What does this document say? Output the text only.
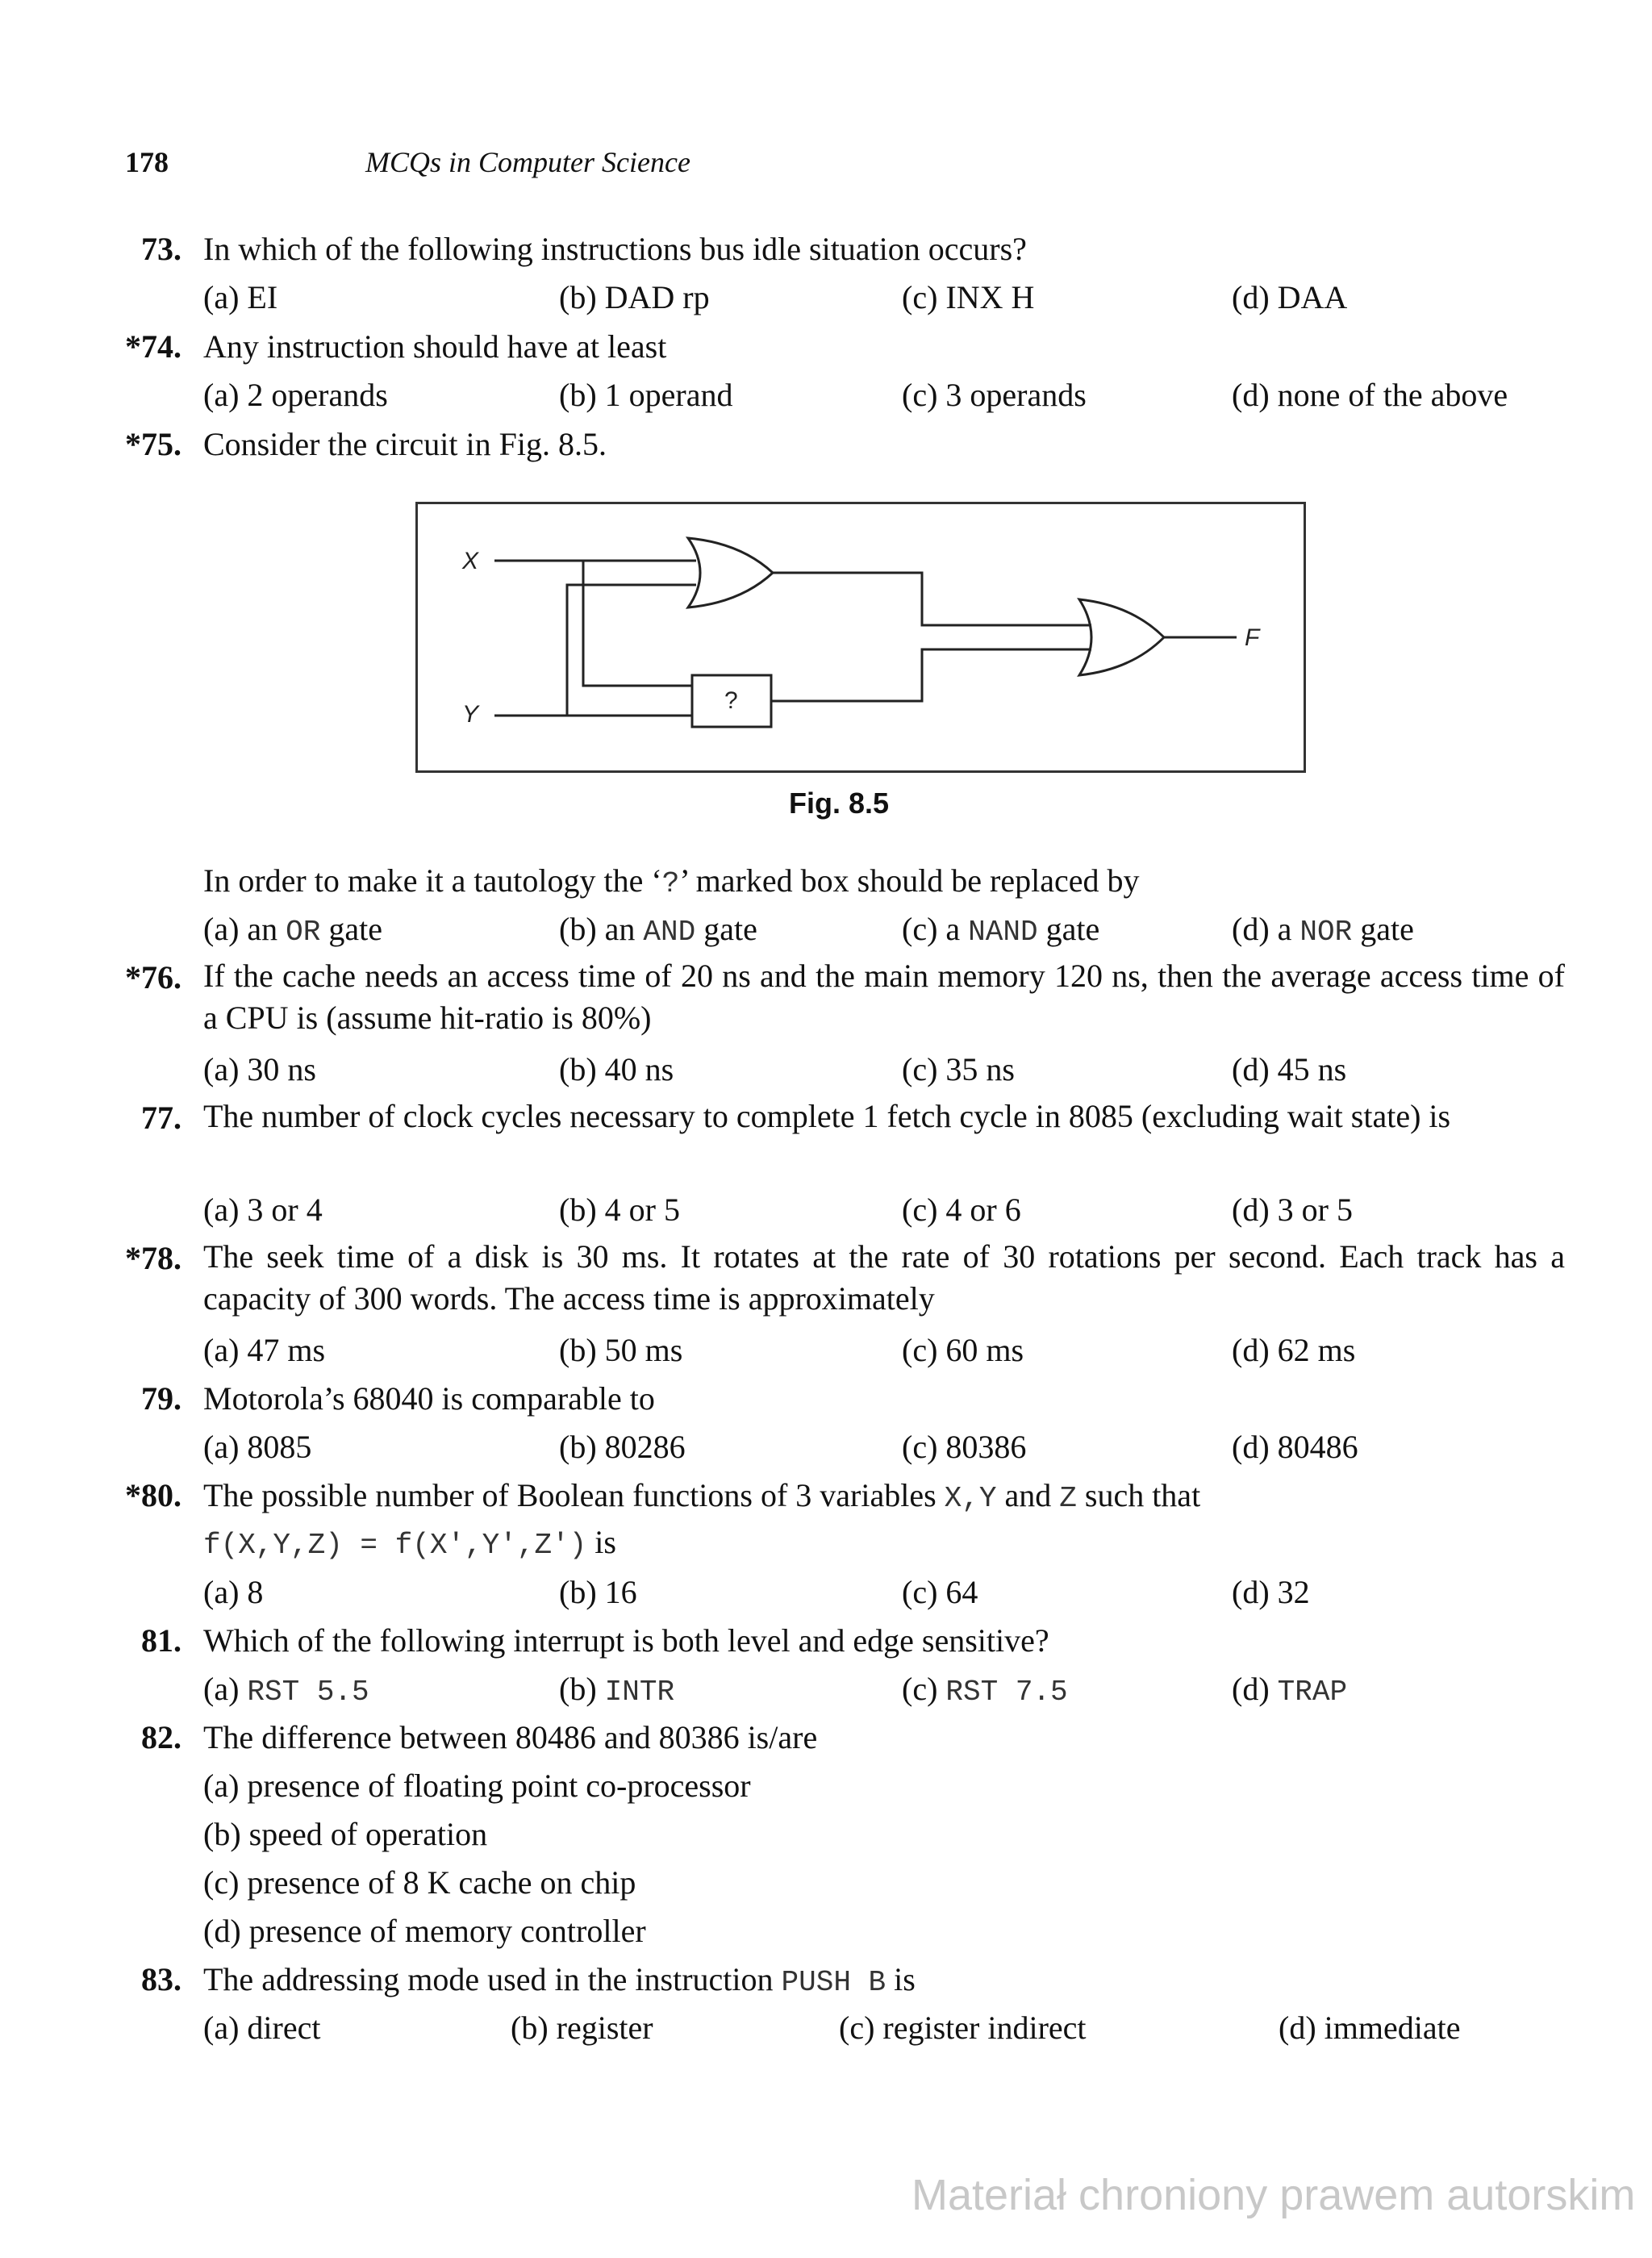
178	MCQs in Computer Science
73. In which of the following instructions bus idle situation occurs?
(a) EI	(b) DAD rp	(c) INX H	(d) DAA
*74. Any instruction should have at least
(a) 2 operands	(b) 1 operand	(c) 3 operands	(d) none of the above
*75. Consider the circuit in Fig. 8.5.
X
Y
F
?
Fig. 8.5
In order to make it a tautology the ‘?’ marked box should be replaced by
(a) an OR gate	(b) an AND gate	(c) a NAND gate	(d) a NOR gate
*76. If the cache needs an access time of 20 ns and the main memory 120 ns, then the average access time of a CPU is (assume hit-ratio is 80%)
(a) 30 ns	(b) 40 ns	(c) 35 ns	(d) 45 ns
77. The number of clock cycles necessary to complete 1 fetch cycle in 8085 (excluding wait state) is
(a) 3 or 4	(b) 4 or 5	(c) 4 or 6	(d) 3 or 5
*78. The seek time of a disk is 30 ms. It rotates at the rate of 30 rotations per second. Each track has a capacity of 300 words. The access time is approximately
(a) 47 ms	(b) 50 ms	(c) 60 ms	(d) 62 ms
79. Motorola’s 68040 is comparable to
(a) 8085	(b) 80286	(c) 80386	(d) 80486
*80. The possible number of Boolean functions of 3 variables X,Y and Z such that
f(X,Y,Z) = f(X′,Y′,Z′) is
(a) 8	(b) 16	(c) 64	(d) 32
81. Which of the following interrupt is both level and edge sensitive?
(a) RST 5.5	(b) INTR	(c) RST 7.5	(d) TRAP
82. The difference between 80486 and 80386 is/are
(a) presence of floating point co-processor
(b) speed of operation
(c) presence of 8 K cache on chip
(d) presence of memory controller
83. The addressing mode used in the instruction PUSH B is
(a) direct	(b) register	(c) register indirect	(d) immediate
Materiał chroniony prawem autorskim
